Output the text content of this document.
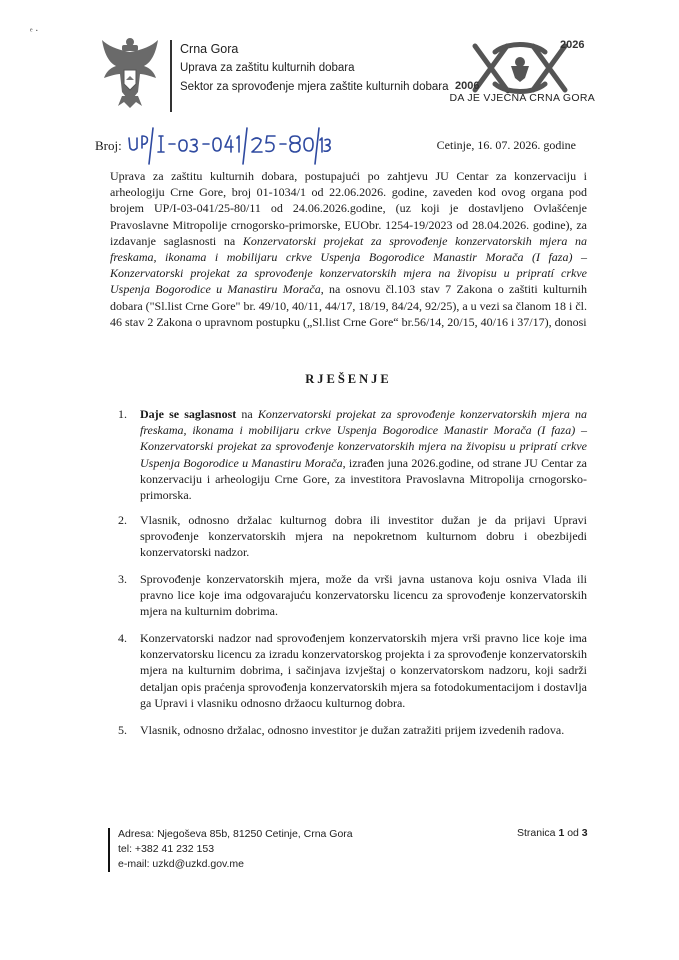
ᵉ ·
Crna Gora
Uprava za zaštitu kulturnih dobara
Sektor za sprovođenje mjera zaštite kulturnih dobara
2026
2006
DA JE VJEČNA CRNA GORA
Broj:	Cetinje, 16. 07. 2026. godine

Uprava za zaštitu kulturnih dobara, postupajući po zahtjevu JU Centar za konzervaciju i arheologiju Crne Gore, broj 01-1034/1 od 22.06.2026. godine, zaveden kod ovog organa pod brojem UP/I-03-041/25-80/11 od 24.06.2026.godine, (uz koji je dostavljeno Ovlašćenje Pravoslavne Mitropolije crnogorsko-primorske, EUObr. 1254-19/2023 od 28.04.2026. godine), za izdavanje saglasnosti na Konzervatorski projekat za sprovođenje konzervatorskih mjera na freskama, ikonama i mobilijaru crkve Uspenja Bogorodice Manastir Morača (I faza) – Konzervatorski projekat za sprovođenje konzervatorskih mjera na živopisu u pripratí crkve Uspenja Bogorodice u Manastiru Morača, na osnovu čl.103 stav 7 Zakona o zaštiti kulturnih dobara ("Sl.list Crne Gore" br. 49/10, 40/11, 44/17, 18/19, 84/24, 92/25), a u vezi sa članom 18 i čl. 46 stav 2 Zakona o upravnom postupku („Sl.list Crne Gore“ br.56/14, 20/15, 40/16 i 37/17), donosi

RJEŠENJE
1. Daje se saglasnost na Konzervatorski projekat za sprovođenje konzervatorskih mjera na freskama, ikonama i mobilijaru crkve Uspenja Bogorodice Manastir Morača (I faza) – Konzervatorski projekat za sprovođenje konzervatorskih mjera na živopisu u pripratí crkve Uspenja Bogorodice u Manastiru Morača, izrađen juna 2026.godine, od strane JU Centar za konzervaciju i arheologiju Crne Gore, za investitora Pravoslavna Mitropolija crnogorsko-primorska.
2. Vlasnik, odnosno držalac kulturnog dobra ili investitor dužan je da prijavi Upravi sprovođenje konzervatorskih mjera na nepokretnom kulturnom dobru i obezbijedi konzervatorski nadzor.
3. Sprovođenje konzervatorskih mjera, može da vrši javna ustanova koju osniva Vlada ili pravno lice koje ima odgovarajuću konzervatorsku licencu za sprovođenje konzervatorskih mjera na kulturnim dobrima.
4. Konzervatorski nadzor nad sprovođenjem konzervatorskih mjera vrši pravno lice koje ima konzervatorsku licencu za izradu konzervatorskog projekta i za sprovođenje konzervatorskih mjera na kulturnim dobrima, i sačinjava izvještaj o konzervatorskom nadzoru, koji sadrži detaljan opis praćenja sprovođenja konzervatorskih mjera sa fotodokumentacijom i dostavlja ga Upravi i vlasniku odnosno držaocu kulturnog dobra.
5. Vlasnik, odnosno držalac, odnosno investitor je dužan zatražiti prijem izvedenih radova.
Adresa: Njegoševa 85b, 81250 Cetinje, Crna Gora
tel: +382 41 232 153
e-mail: uzkd@uzkd.gov.me
Stranica 1 od 3
